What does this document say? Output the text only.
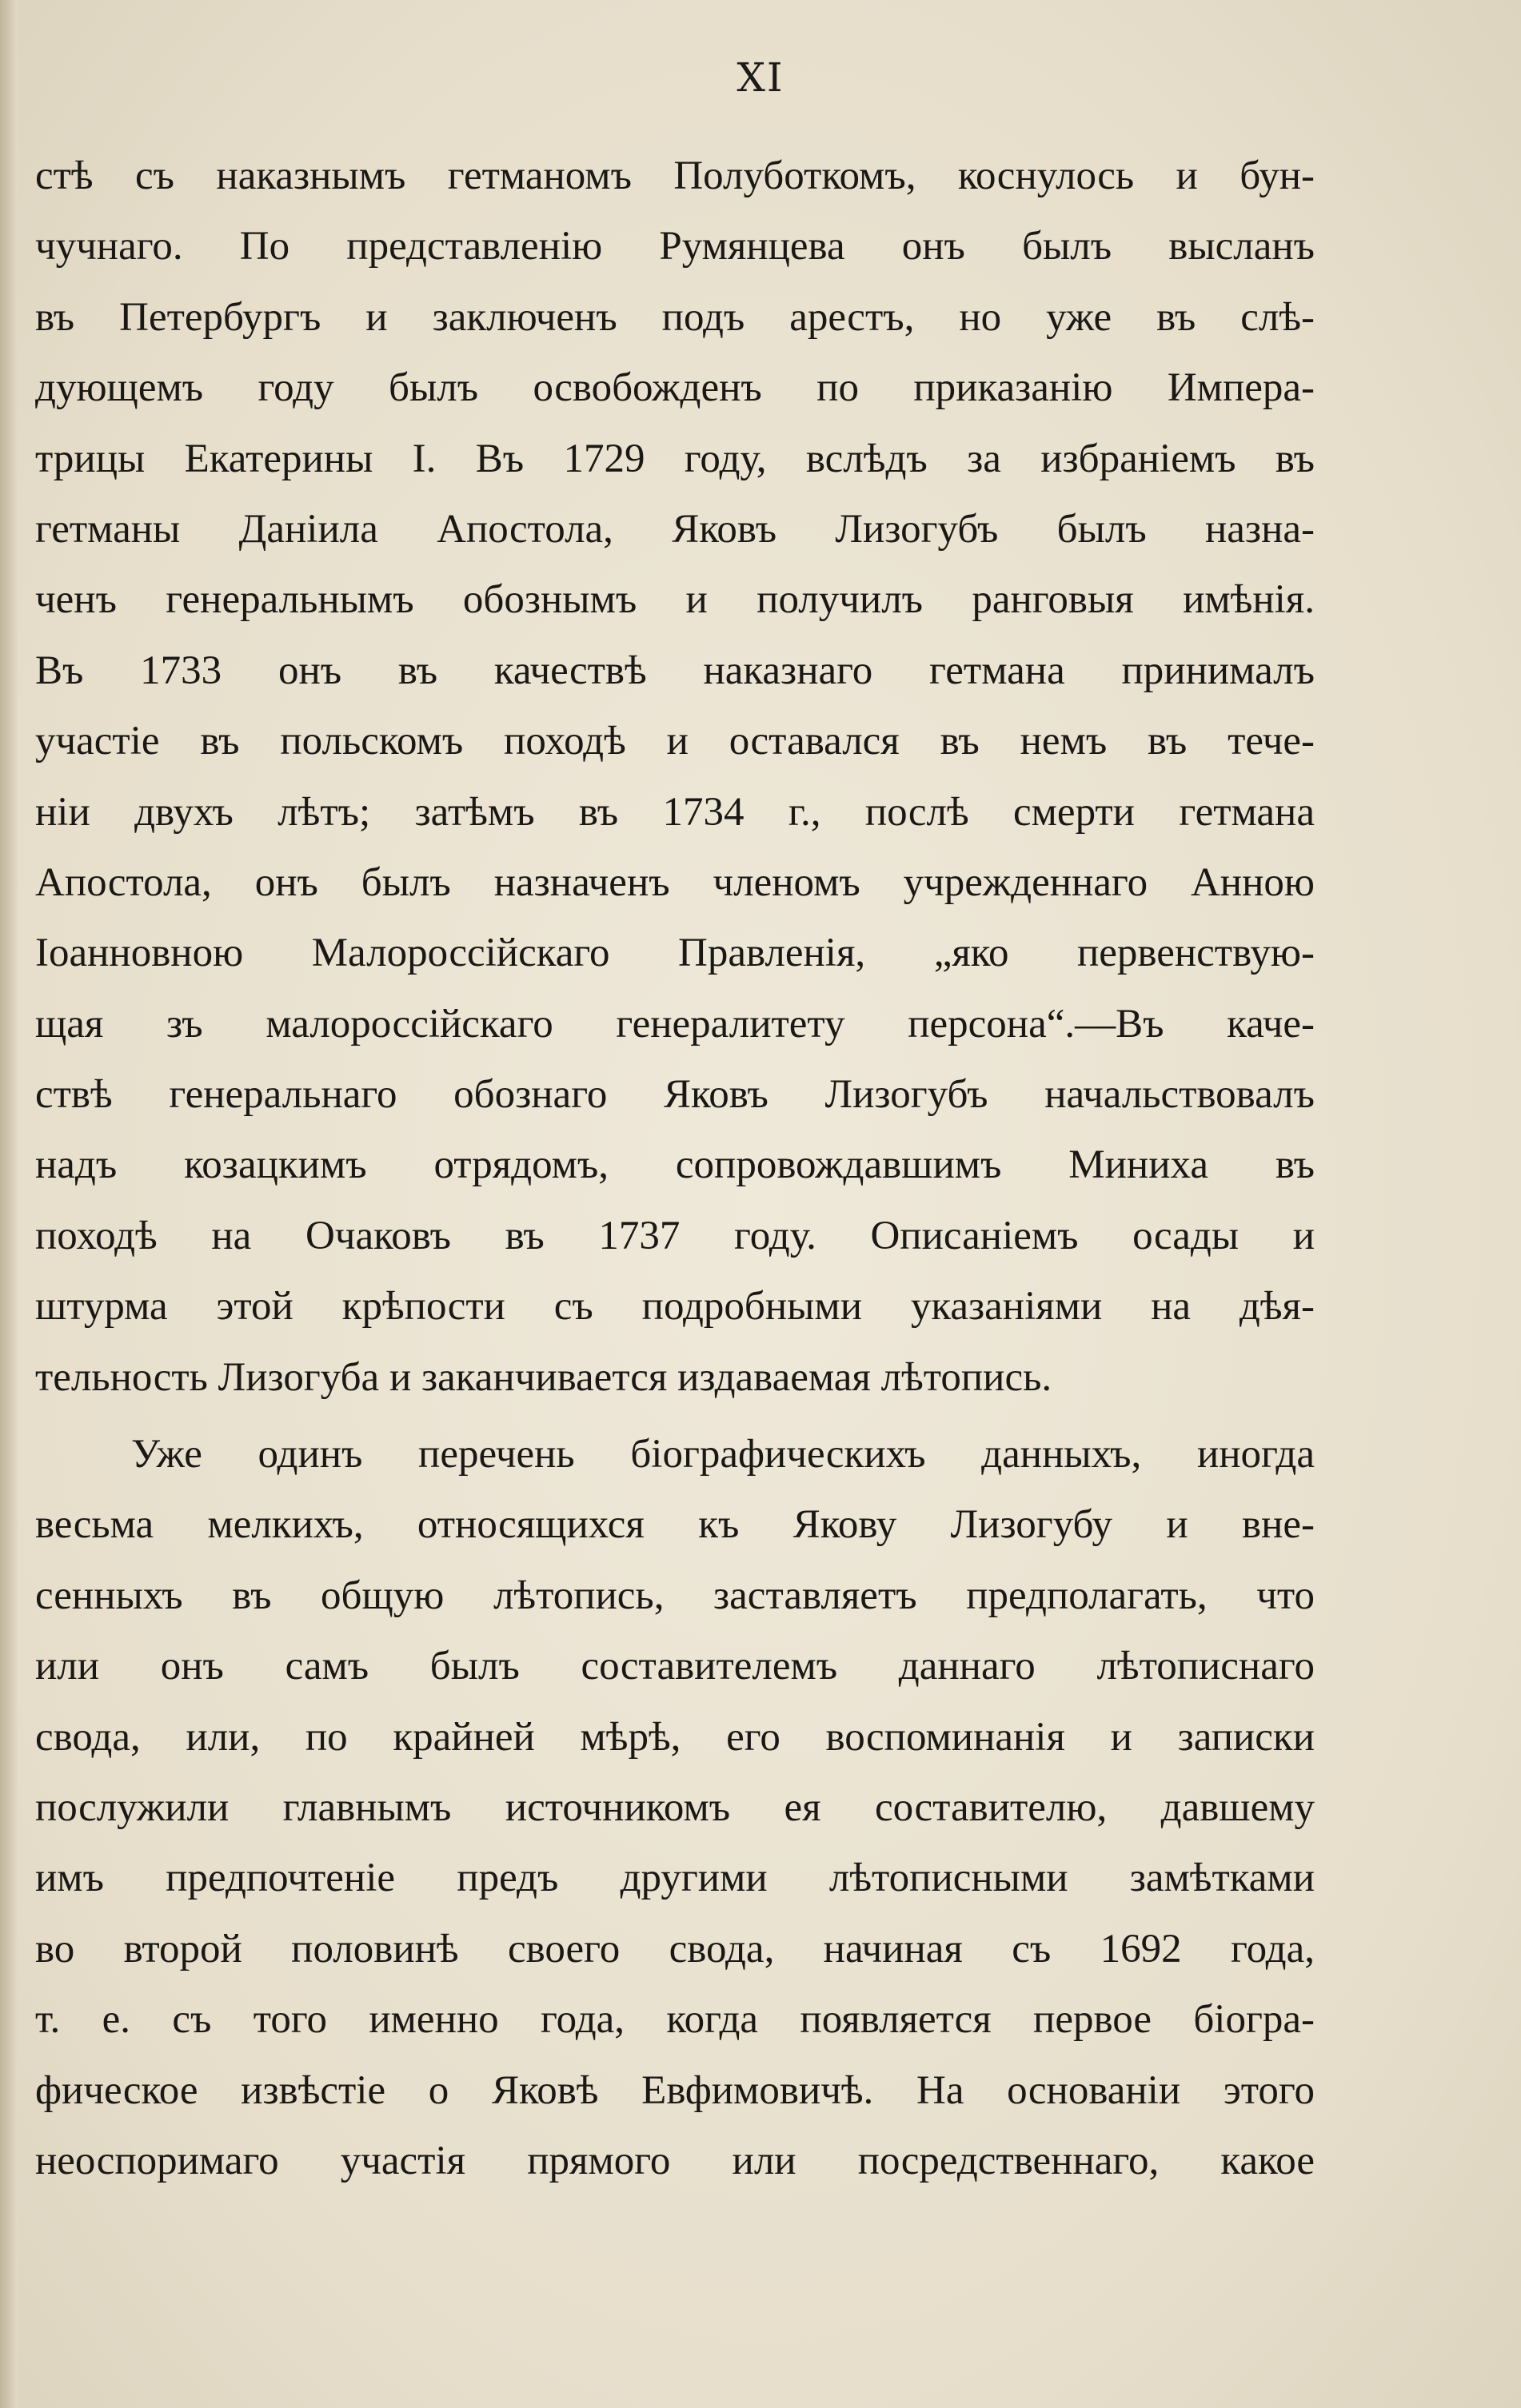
XI
стѣ съ наказнымъ гетманомъ Полуботкомъ, коснулось и бун-
чучнаго. По представленію Румянцева онъ былъ высланъ
въ Петербургъ и заключенъ подъ арестъ, но уже въ слѣ-
дующемъ году былъ освобожденъ по приказанію Импера-
трицы Екатерины I. Въ 1729 году, вслѣдъ за избраніемъ въ
гетманы Даніила Апостола, Яковъ Лизогубъ былъ назна-
ченъ генеральнымъ обознымъ и получилъ ранговыя имѣнія.
Въ 1733 онъ въ качествѣ наказнаго гетмана принималъ
участіе въ польскомъ походѣ и оставался въ немъ въ тече-
ніи двухъ лѣтъ; затѣмъ въ 1734 г., послѣ смерти гетмана
Апостола, онъ былъ назначенъ членомъ учрежденнаго Анною
Іоанновною Малороссійскаго Правленія, „яко первенствую-
щая зъ малороссійскаго генералитету персона“.—Въ каче-
ствѣ генеральнаго обознаго Яковъ Лизогубъ начальствовалъ
надъ козацкимъ отрядомъ, сопровождавшимъ Миниха въ
походѣ на Очаковъ въ 1737 году. Описаніемъ осады и
штурма этой крѣпости съ подробными указаніями на дѣя-
тельность Лизогуба и заканчивается издаваемая лѣтопись.
Уже одинъ перечень біографическихъ данныхъ, иногда
весьма мелкихъ, относящихся къ Якову Лизогубу и вне-
сенныхъ въ общую лѣтопись, заставляетъ предполагать, что
или онъ самъ былъ составителемъ даннаго лѣтописнаго
свода, или, по крайней мѣрѣ, его воспоминанія и записки
послужили главнымъ источникомъ ея составителю, давшему
имъ предпочтеніе предъ другими лѣтописными замѣтками
во второй половинѣ своего свода, начиная съ 1692 года,
т. е. съ того именно года, когда появляется первое біогра-
фическое извѣстіе о Яковѣ Евфимовичѣ. На основаніи этого
неоспоримаго участія прямого или посредственнаго, какое
